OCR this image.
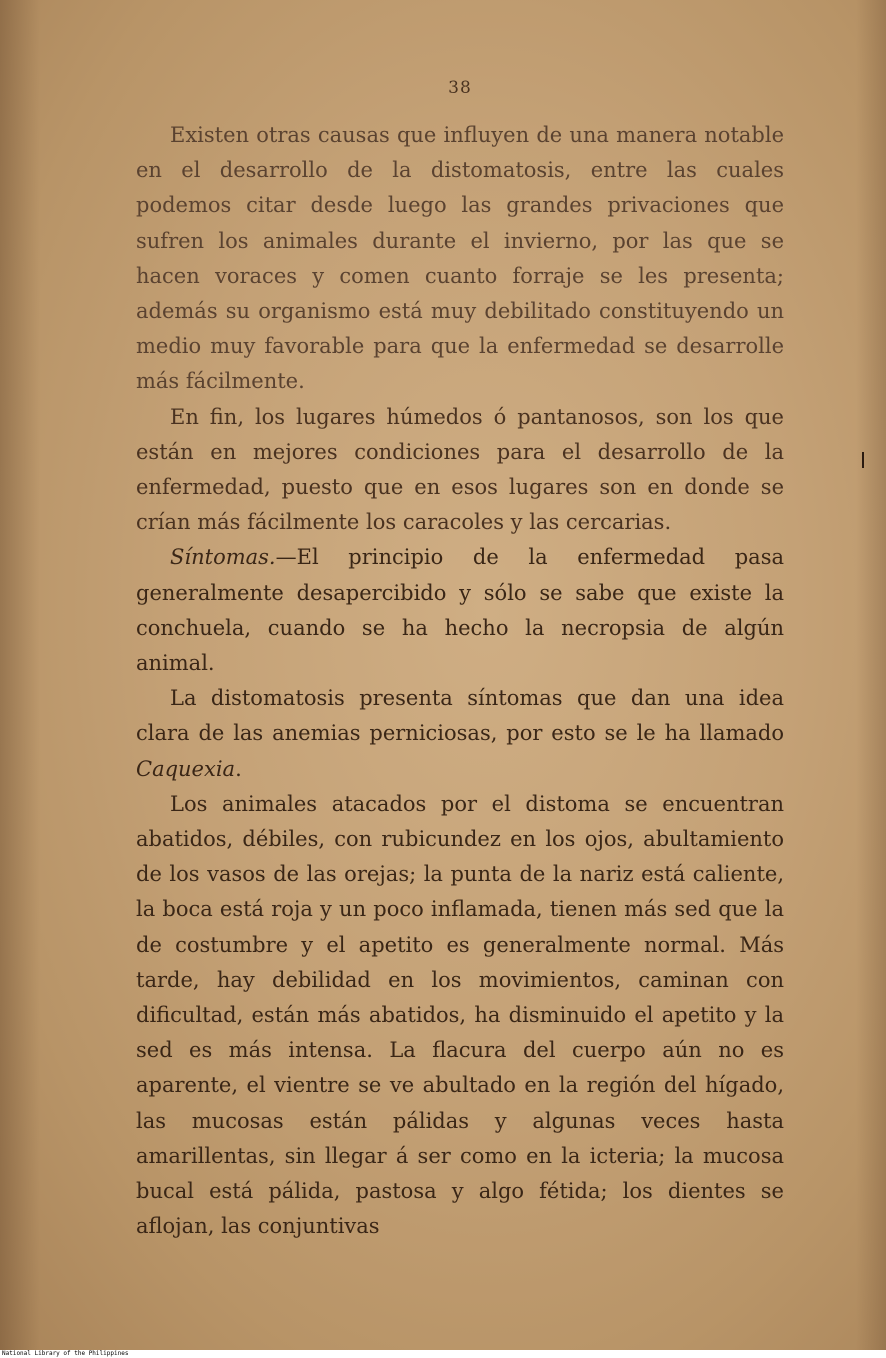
38

Existen otras causas que influyen de una manera notable en el desarrollo de la distomatosis, entre las cuales podemos citar desde luego las grandes privaciones que sufren los animales durante el invierno, por las que se hacen voraces y comen cuanto forraje se les presenta; además su organismo está muy debilitado constituyendo un medio muy favorable para que la enfermedad se desarrolle más fácilmente.

En fin, los lugares húmedos ó pantanosos, son los que están en mejores condiciones para el desarrollo de la enfermedad, puesto que en esos lugares son en donde se crían más fácilmente los caracoles y las cercarias.

Síntomas.—El principio de la enfermedad pasa generalmente desapercibido y sólo se sabe que existe la conchuela, cuando se ha hecho la necropsia de algún animal.

La distomatosis presenta síntomas que dan una idea clara de las anemias perniciosas, por esto se le ha llamado Caquexia.

Los animales atacados por el distoma se encuentran abatidos, débiles, con rubicundez en los ojos, abultamiento de los vasos de las orejas; la punta de la nariz está caliente, la boca está roja y un poco inflamada, tienen más sed que la de costumbre y el apetito es generalmente normal. Más tarde, hay debilidad en los movimientos, caminan con dificultad, están más abatidos, ha disminuido el apetito y la sed es más intensa. La flacura del cuerpo aún no es aparente, el vientre se ve abultado en la región del hígado, las mucosas están pálidas y algunas veces hasta amarillentas, sin llegar á ser como en la icteria; la mucosa bucal está pálida, pastosa y algo fétida; los dientes se aflojan, las conjuntivas

National Library of the Philippines
